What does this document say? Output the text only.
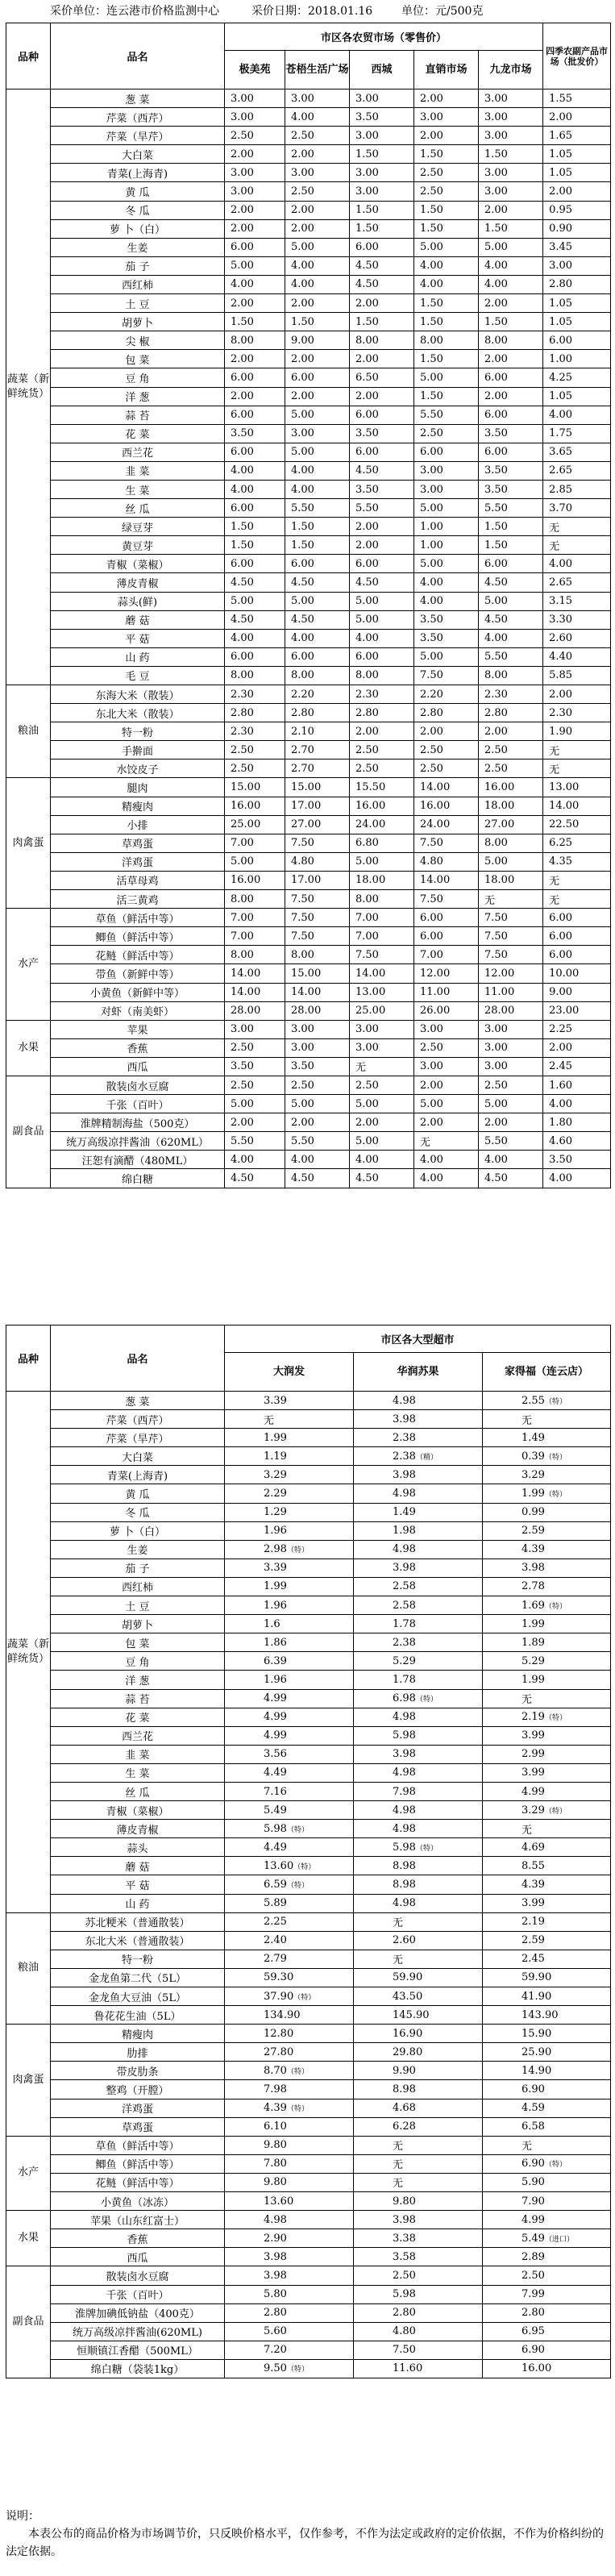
采价单位：连云港市价格监测中心	采价日期：2018.01.16	单位：元/500克
品种	品名	市区各农贸市场（零售价）					四季农副产品市场（批发价）
		极美苑	苍梧生活广场	西城	直销市场	九龙市场	
蔬菜（新鲜统货）	葱 菜	3.00	3.00	3.00	2.00	3.00	1.55
	芹菜（西芹）	3.00	4.00	3.50	3.00	3.00	2.00
	芹菜（旱芹）	2.50	2.50	3.00	2.00	3.00	1.65
	大白菜	2.00	2.00	1.50	1.50	1.50	1.05
	青菜(上海青)	3.00	3.00	3.00	2.50	3.00	1.05
	黄 瓜	3.00	2.50	3.00	2.50	3.00	2.00
	冬 瓜	2.00	2.00	1.50	1.50	2.00	0.95
	萝 卜（白）	2.00	2.00	1.50	1.50	1.50	0.90
	生姜	6.00	5.00	6.00	5.00	5.00	3.45
	茄 子	5.00	4.00	4.50	4.00	4.00	3.00
	西红柿	4.00	4.00	4.50	4.00	4.00	2.80
	土 豆	2.00	2.00	2.00	1.50	2.00	1.05
	胡萝卜	1.50	1.50	1.50	1.50	1.50	1.05
	尖 椒	8.00	9.00	8.00	8.00	8.00	6.00
	包 菜	2.00	2.00	2.00	1.50	2.00	1.00
	豆 角	6.00	6.00	6.50	5.00	6.00	4.25
	洋 葱	2.00	2.00	2.00	1.50	2.00	1.05
	蒜 苔	6.00	5.00	6.00	5.50	6.00	4.00
	花 菜	3.50	3.00	3.50	2.50	3.50	1.75
	西兰花	6.00	5.00	6.00	6.00	6.00	3.65
	韭 菜	4.00	4.00	4.50	3.00	3.50	2.65
	生 菜	4.00	4.00	3.50	3.00	3.50	2.85
	丝 瓜	6.00	5.50	5.50	5.00	5.50	3.70
	绿豆芽	1.50	1.50	2.00	1.00	1.50	无
	黄豆芽	1.50	1.50	2.00	1.00	1.50	无
	青椒（菜椒）	6.00	6.00	6.00	5.00	6.00	4.00
	薄皮青椒	4.50	4.50	4.50	4.00	4.50	2.65
	蒜头(鲜)	5.00	5.00	5.00	4.00	5.00	3.15
	蘑 菇	4.50	4.50	5.00	3.50	4.50	3.30
	平 菇	4.00	4.00	4.00	3.50	4.00	2.60
	山 药	6.00	6.00	6.00	5.00	5.50	4.40
	毛 豆	8.00	8.00	8.00	7.50	8.00	5.85
粮油	东海大米（散装）	2.30	2.20	2.30	2.20	2.30	2.00
	东北大米（散装）	2.80	2.80	2.80	2.80	2.80	2.30
	特一粉	2.30	2.10	2.00	2.00	2.00	1.90
	手擀面	2.50	2.70	2.50	2.50	2.50	无
	水饺皮子	2.50	2.70	2.50	2.50	2.50	无
肉禽蛋	腿肉	15.00	15.00	15.50	14.00	16.00	13.00
	精瘦肉	16.00	17.00	16.00	16.00	18.00	14.00
	小排	25.00	27.00	24.00	24.00	27.00	22.50
	草鸡蛋	7.00	7.50	6.80	7.50	8.00	6.25
	洋鸡蛋	5.00	4.80	5.00	4.80	5.00	4.35
	活草母鸡	16.00	17.00	18.00	14.00	18.00	无
	活三黄鸡	8.00	7.50	8.00	7.50	无	无
水产	草鱼（鲜活中等）	7.00	7.50	7.00	6.00	7.50	6.00
	鲫鱼（鲜活中等）	7.00	7.50	7.00	6.00	7.50	6.00
	花鲢（鲜活中等）	8.00	8.00	7.50	7.00	7.50	6.00
	带鱼（新鲜中等）	14.00	15.00	14.00	12.00	12.00	10.00
	小黄鱼（新鲜中等）	14.00	14.00	13.00	11.00	11.00	9.00
	对虾（南美虾）	28.00	28.00	25.00	26.00	28.00	23.00
水果	苹果	3.00	3.00	3.00	3.00	3.00	2.25
	香蕉	2.50	3.00	3.00	2.50	3.00	2.00
	西瓜	3.50	3.50	无	3.00	3.00	2.45
副食品	散装卤水豆腐	2.50	2.50	2.50	2.00	2.50	1.60
	千张（百叶）	5.00	5.00	5.00	5.00	5.00	4.00
	淮牌精制海盐（500克）	2.00	2.00	2.00	2.00	2.00	1.80
	统万高级凉拌酱油（620ML）	5.50	5.50	5.00	无	5.50	4.60
	汪恕有滴醋（480ML）	4.00	4.00	4.00	4.00	4.00	3.50
	绵白糖	4.50	4.50	4.50	4.00	4.50	4.00
品种	品名	市区各大型超市		
		大润发	华润苏果	家得福（连云店）
蔬菜（新鲜统货）	葱 菜	3.39	4.98	2.55（特）
	芹菜（西芹）	无	3.98	无
	芹菜（旱芹）	1.99	2.38	1.49
	大白菜	1.19	2.38（精）	0.39（特）
	青菜(上海青)	3.29	3.98	3.29
	黄 瓜	2.29	4.98	1.99（特）
	冬 瓜	1.29	1.49	0.99
	萝 卜（白）	1.96	1.98	2.59
	生姜	2.98（特）	4.98	4.39
	茄 子	3.39	3.98	3.98
	西红柿	1.99	2.58	2.78
	土 豆	1.96	2.58	1.69（特）
	胡萝卜	1.6	1.78	1.99
	包 菜	1.86	2.38	1.89
	豆 角	6.39	5.29	5.29
	洋 葱	1.96	1.78	1.99
	蒜 苔	4.99	6.98（特）	无
	花 菜	4.99	4.98	2.19（特）
	西兰花	4.99	5.98	3.99
	韭 菜	3.56	3.98	2.99
	生 菜	4.49	4.98	3.99
	丝 瓜	7.16	7.98	4.99
	青椒（菜椒）	5.49	4.98	3.29（特）
	薄皮青椒	5.98（特）	4.98	无
	蒜头	4.49	5.98（特）	4.69
	蘑 菇	13.60（特）	8.98	8.55
	平 菇	6.59（特）	8.98	4.39
	山 药	5.89	4.98	3.99
粮油	苏北粳米（普通散装）	2.25	无	2.19
	东北大米（普通散装）	2.40	2.60	2.59
	特一粉	2.79	无	2.45
	金龙鱼第二代（5L）	59.30	59.90	59.90
	金龙鱼大豆油（5L）	37.90（特）	43.50	41.90
	鲁花花生油（5L）	134.90	145.90	143.90
肉禽蛋	精瘦肉	12.80	16.90	15.90
	肋排	27.80	29.80	25.90
	带皮肋条	8.70（特）	9.90	14.90
	整鸡（开膛）	7.98	8.98	6.90
	洋鸡蛋	4.39（特）	4.68	4.59
	草鸡蛋	6.10	6.28	6.58
水产	草鱼（鲜活中等）	9.80	无	无
	鲫鱼（鲜活中等）	7.80	无	6.90（特）
	花鲢（鲜活中等）	9.80	无	5.90
	小黄鱼（冰冻）	13.60	9.80	7.90
水果	苹果（山东红富士）	4.98	3.98	4.99
	香蕉	2.90	3.38	5.49（进口）
	西瓜	3.98	3.58	2.89
副食品	散装卤水豆腐	3.98	2.50	2.50
	千张（百叶）	5.80	5.98	7.99
	淮牌加碘低钠盐（400克）	2.80	2.80	2.80
	统万高级凉拌酱油(620ML)	5.60	4.80	6.95
	恒顺镇江香醋（500ML）	7.20	7.50	6.90
	绵白糖（袋装1kg）	9.50（特）	11.60	16.00
说明：
本表公布的商品价格为市场调节价，只反映价格水平，仅作参考，不作为法定或政府的定价依据，不作为价格纠纷的法定依据。
